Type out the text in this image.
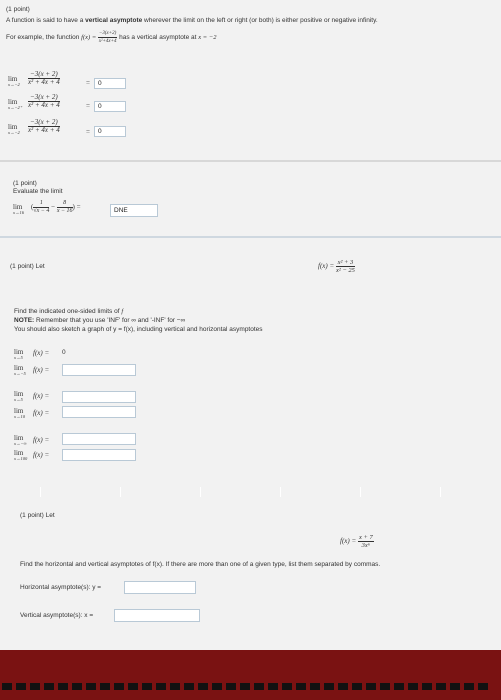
(1 point)
A function is said to have a vertical asymptote wherever the limit on the left or right (or both) is either positive or negative infinity.
For example, the function $f(x) = \frac{-3(x+2)}{\text{x²+4x+4}}$ has a vertical asymptote at x = −2
lim
$x\to-2 \frac{-3(x + 2)}{\text{x² + 4x + 4}}$	=	0
lim
$x\to-2^+ \frac{-3(x + 2)}{\text{x² + 4x + 4}}$	=	0
lim
$x\to-2 \frac{-3(x + 2)}{\text{x² + 4x + 4}}$	=	0
(1 point)
Evaluate the limit
lim
x→16
( $\frac{1}{√x - 4} - \frac{8}{x - 16}$ ) =	DNE
(1 point) Let	$f(x) = \frac{\text{x² + 3}}{\text{x² − 25}}$
Find the indicated one-sided limits of f
NOTE: Remember that you use 'INF' for ∞ and '-INF' for −∞
You should also sketch a graph of y = f(x), including vertical and horizontal asymptotes
lim
x→5
f(x) = 0
lim
x→−5 f(x) =
lim
x→5 f(x) =
lim
x→10 f(x) =
lim
x→−∞ f(x) =
lim
x→100 f(x) =
(1 point) Let
$f(x) = \frac{x + 7}{\text{3x⁶}}$
Find the horizontal and vertical asymptotes of f(x). If there are more than one of a given type, list them separated by commas.
Horizontal asymptote(s): y =
Vertical asymptote(s): x =
